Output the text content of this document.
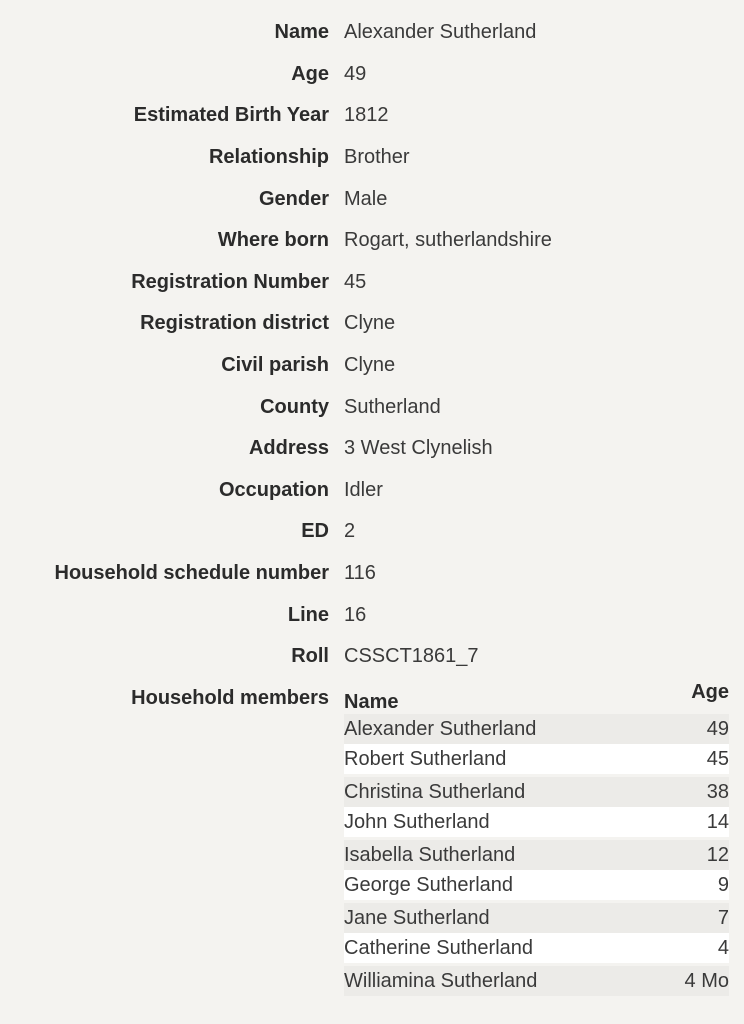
Name Alexander Sutherland
Age 49
Estimated Birth Year 1812
Relationship Brother
Gender Male
Where born Rogart, sutherlandshire
Registration Number 45
Registration district Clyne
Civil parish Clyne
County Sutherland
Address 3 West Clynelish
Occupation Idler
ED 2
Household schedule number 116
Line 16
Roll CSSCT1861_7
Household members Name	Age
Alexander Sutherland	49
Robert Sutherland	45
Christina Sutherland	38
John Sutherland	14
Isabella Sutherland	12
George Sutherland	9
Jane Sutherland	7
Catherine Sutherland	4
Williamina Sutherland	4 Mo
